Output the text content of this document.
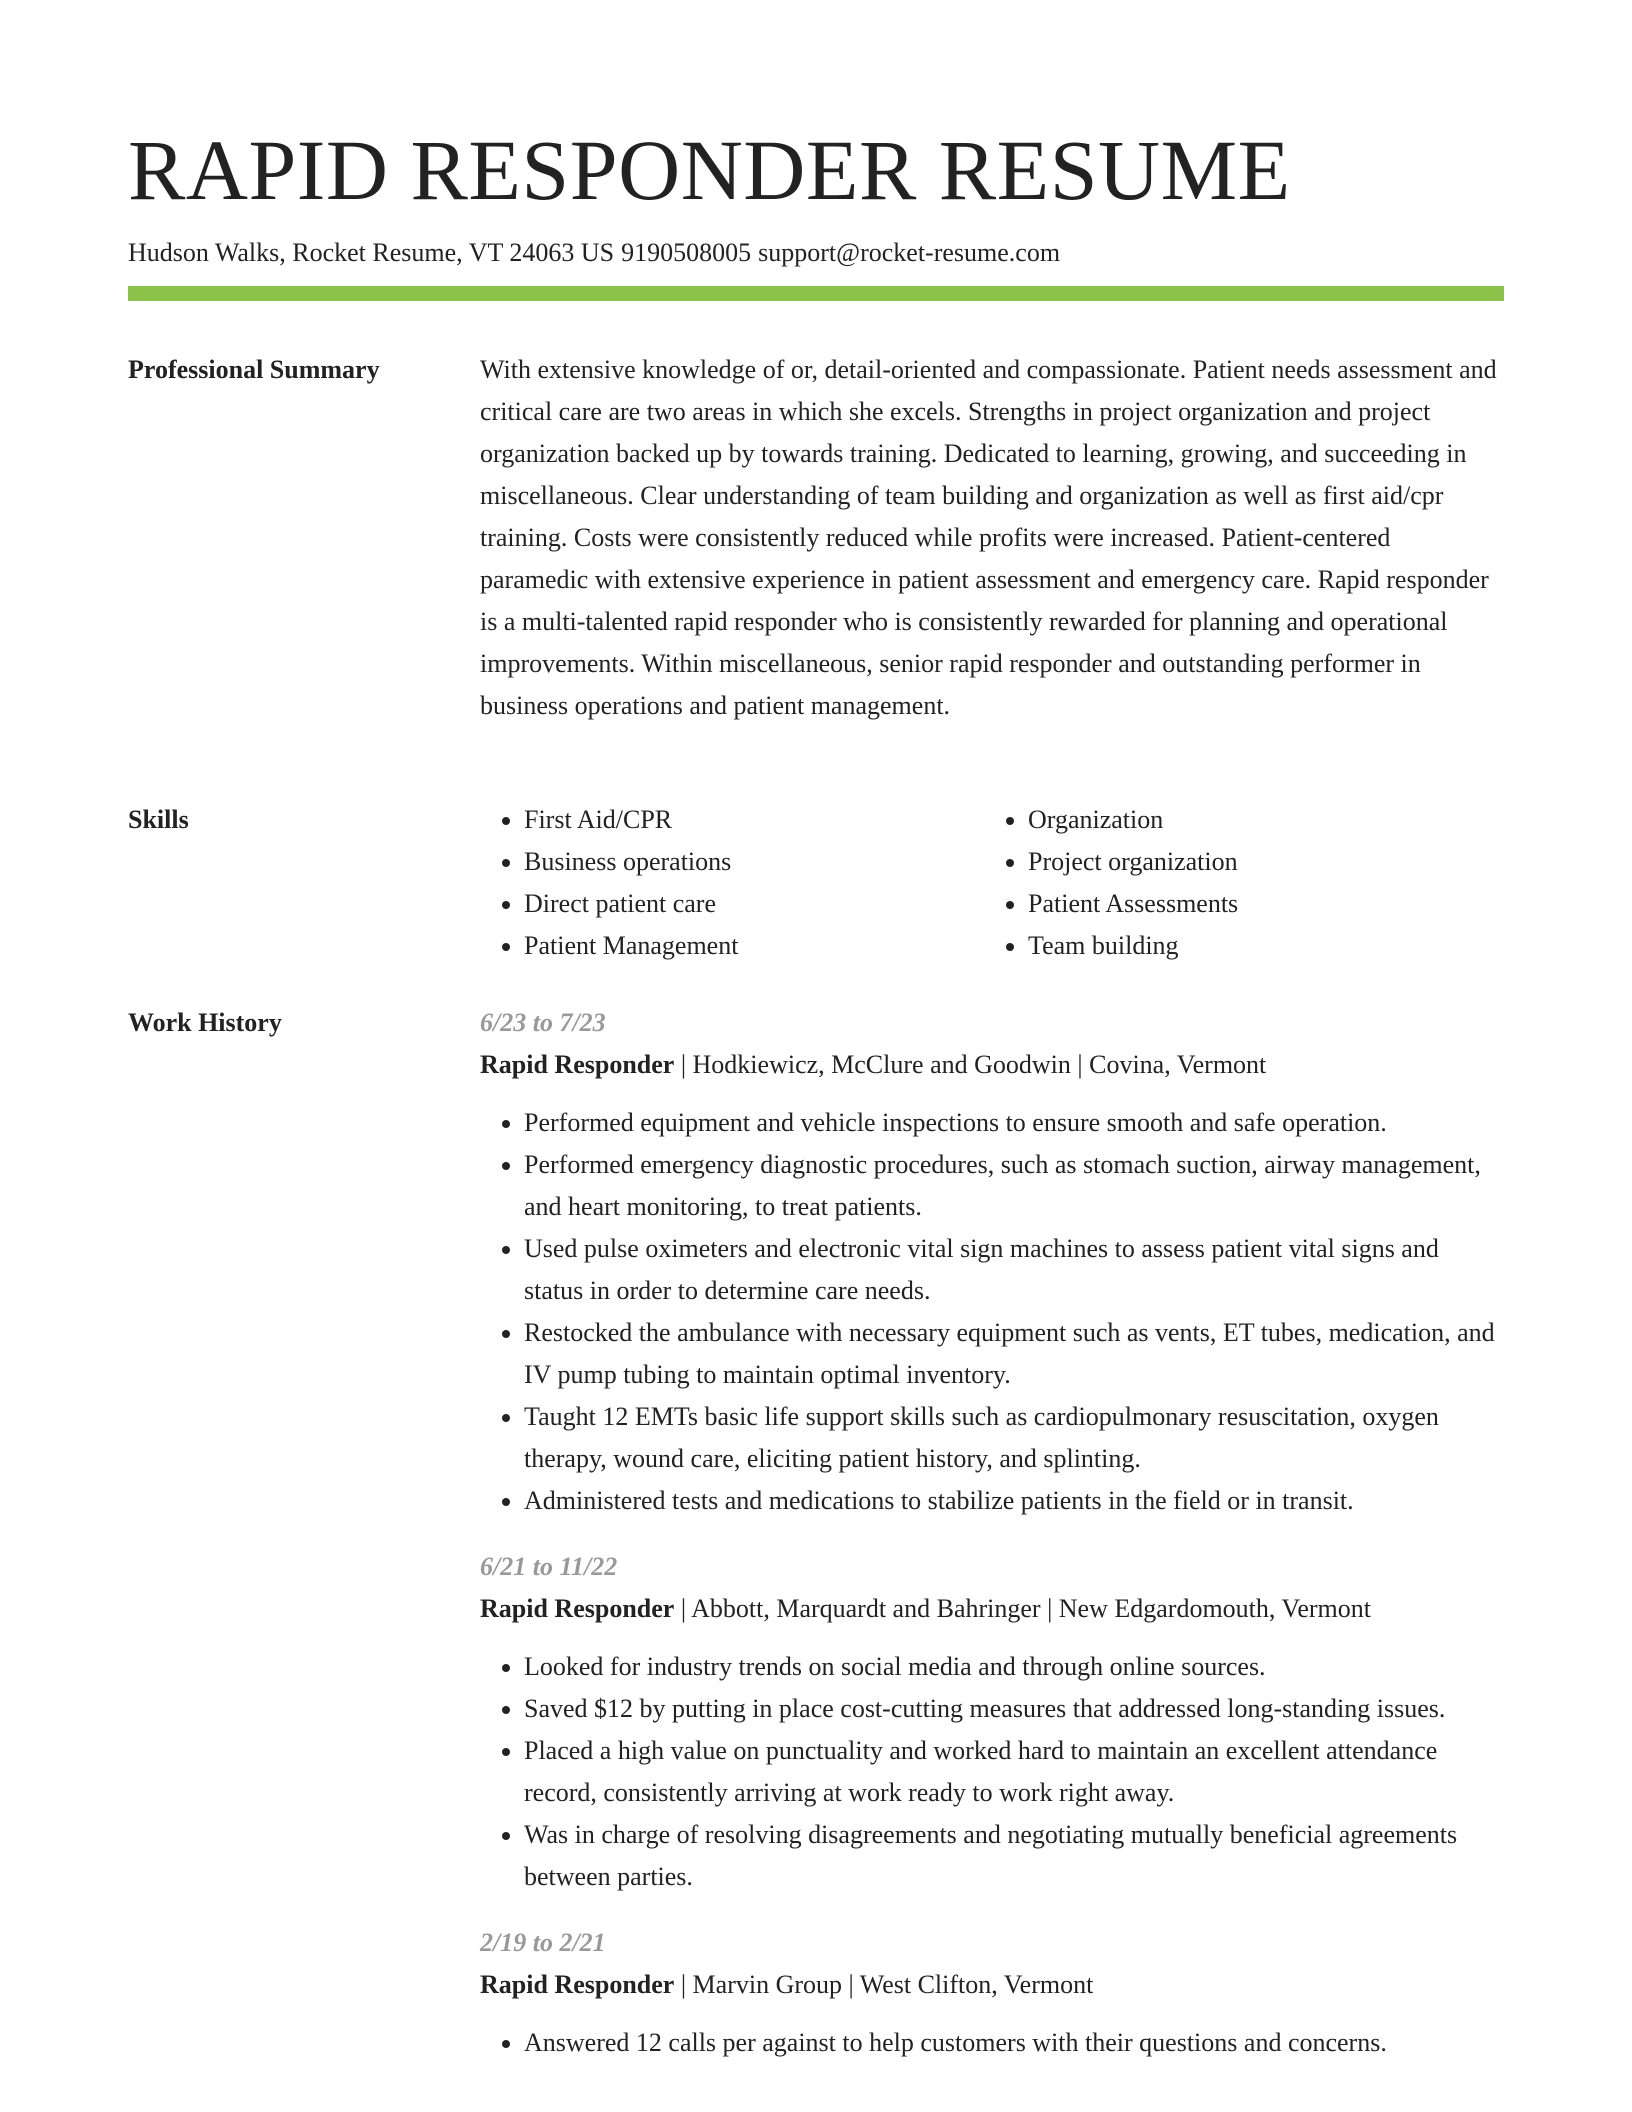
RAPID RESPONDER RESUME
Hudson Walks, Rocket Resume, VT 24063 US 9190508005 support@rocket-resume.com
Professional Summary	With extensive knowledge of or, detail-oriented and compassionate. Patient needs assessment and critical care are two areas in which she excels. Strengths in project organization and project organization backed up by towards training. Dedicated to learning, growing, and succeeding in miscellaneous. Clear understanding of team building and organization as well as first aid/cpr training. Costs were consistently reduced while profits were increased. Patient-centered paramedic with extensive experience in patient assessment and emergency care. Rapid responder is a multi-talented rapid responder who is consistently rewarded for planning and operational improvements. Within miscellaneous, senior rapid responder and outstanding performer in business operations and patient management.

Skills
•	First Aid/CPR
• Business operations
• Direct patient care
• Patient Management
• Organization
• Project organization
• Patient Assessments
• Team building
Work History	6/23 to 7/23
Rapid Responder | Hodkiewicz, McClure and Goodwin | Covina, Vermont
• Performed equipment and vehicle inspections to ensure smooth and safe operation.
• Performed emergency diagnostic procedures, such as stomach suction, airway management, and heart monitoring, to treat patients.
• Used pulse oximeters and electronic vital sign machines to assess patient vital signs and status in order to determine care needs.
• Restocked the ambulance with necessary equipment such as vents, ET tubes, medication, and IV pump tubing to maintain optimal inventory.
• Taught 12 EMTs basic life support skills such as cardiopulmonary resuscitation, oxygen therapy, wound care, eliciting patient history, and splinting.
• Administered tests and medications to stabilize patients in the field or in transit.
6/21 to 11/22
Rapid Responder | Abbott, Marquardt and Bahringer | New Edgardomouth, Vermont
• Looked for industry trends on social media and through online sources.
• Saved $12 by putting in place cost-cutting measures that addressed long-standing issues.
• Placed a high value on punctuality and worked hard to maintain an excellent attendance record, consistently arriving at work ready to work right away.
• Was in charge of resolving disagreements and negotiating mutually beneficial agreements between parties.
2/19 to 2/21
Rapid Responder | Marvin Group | West Clifton, Vermont
• Answered 12 calls per against to help customers with their questions and concerns.
